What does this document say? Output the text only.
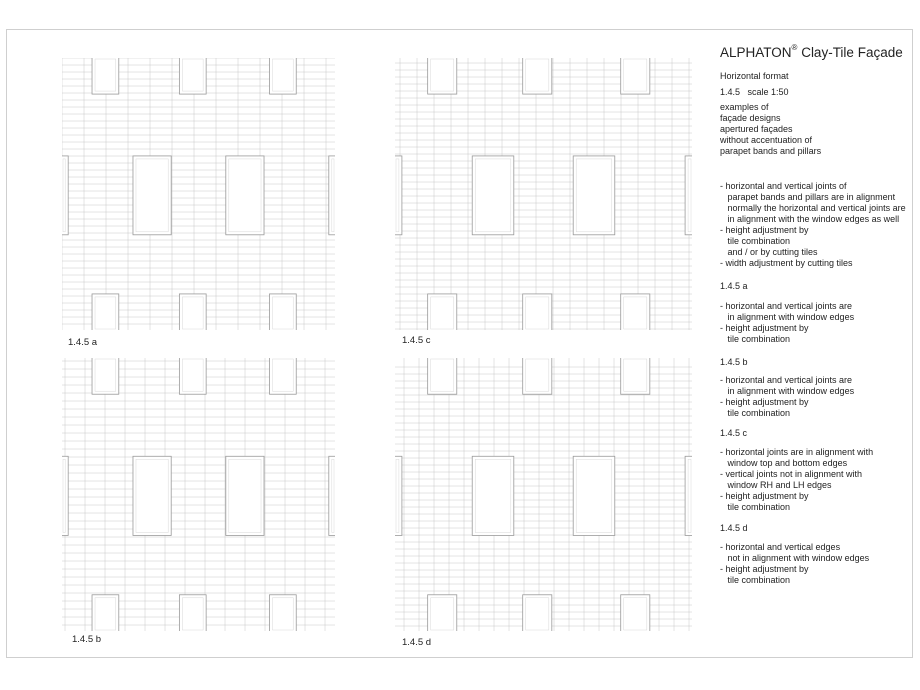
1.4.5 a	1.4.5 c
1.4.5 b	1.4.5 d
ALPHATON® Clay-Tile Façade
Horizontal format
1.4.5   scale 1:50
examples of
façade designs
apertured façades
without accentuation of
parapet bands and pillars
- horizontal and vertical joints of
parapet bands and pillars are in alignment
normally the horizontal and vertical joints are
in alignment with the window edges as well
- height adjustment by
tile combination
and / or by cutting tiles
- width adjustment by cutting tiles
1.4.5 a
- horizontal and vertical joints are
in alignment with window edges
- height adjustment by
tile combination
1.4.5 b
- horizontal and vertical joints are
in alignment with window edges
- height adjustment by
tile combination
1.4.5 c
- horizontal joints are in alignment with
window top and bottom edges
- vertical joints not in alignment with
window RH and LH edges
- height adjustment by
tile combination
1.4.5 d
- horizontal and vertical edges
not in alignment with window edges
- height adjustment by
tile combination
